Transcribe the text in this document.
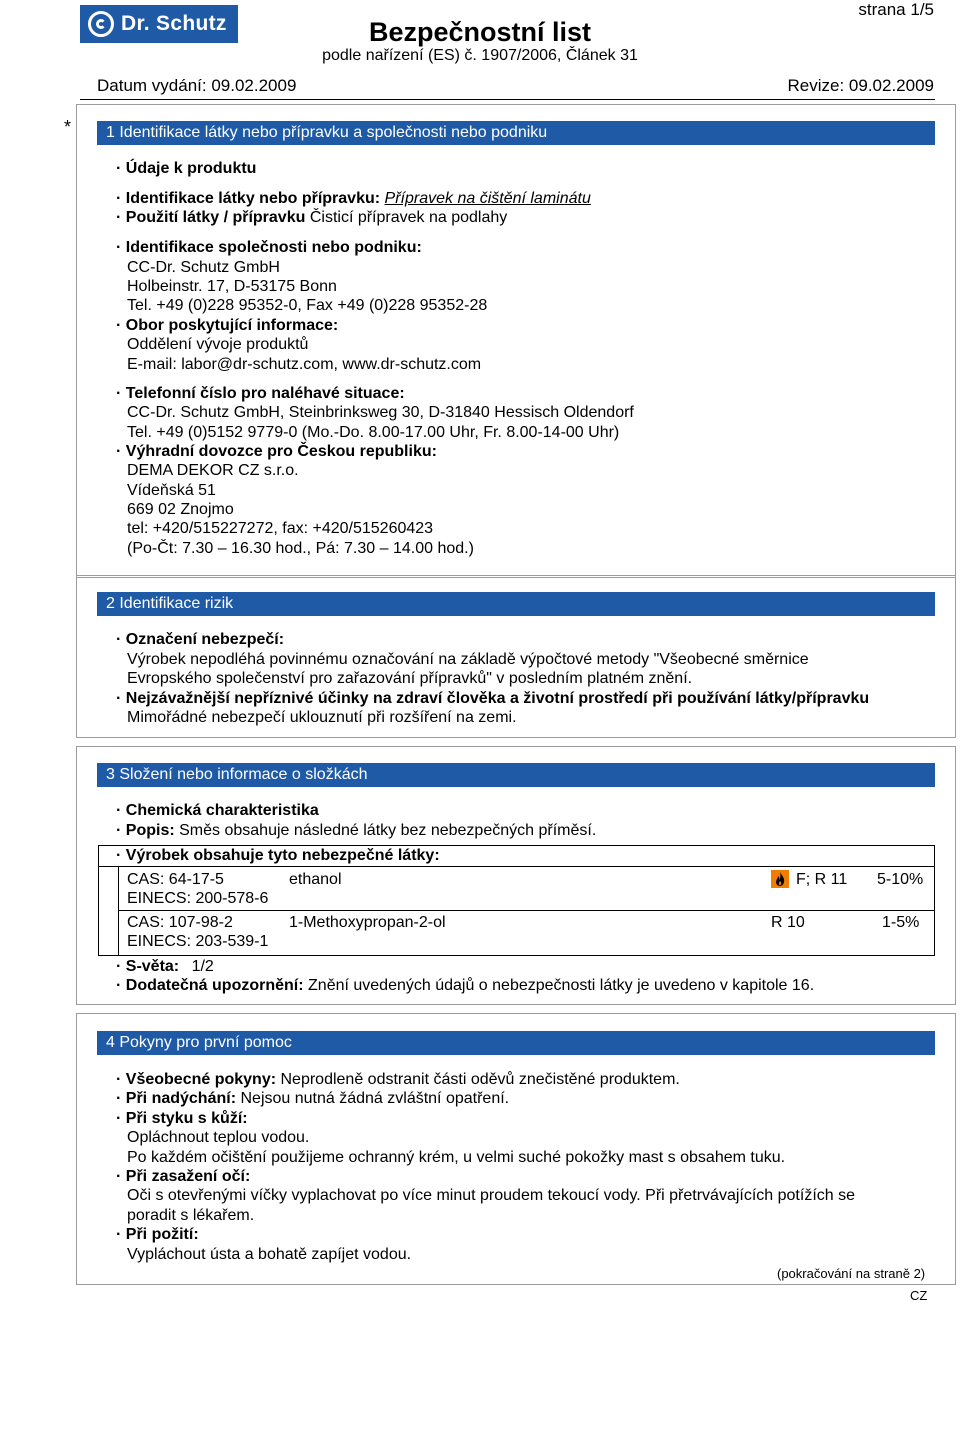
Dr. Schutz	Bezpečnostní list
podle nařízení (ES) č. 1907/2006, Článek 31
strana 1/5
Datum vydání: 09.02.2009	Revize: 09.02.2009
*	1 Identifikace látky nebo přípravku a společnosti nebo podniku
· Údaje k produktu
· Identifikace látky nebo přípravku: Přípravek na čištění laminátu
· Použití látky / přípravku Čisticí přípravek na podlahy
· Identifikace společnosti nebo podniku:
CC-Dr. Schutz GmbH
Holbeinstr. 17, D-53175 Bonn
Tel. +49 (0)228 95352-0, Fax +49 (0)228 95352-28
· Obor poskytující informace:
Oddělení vývoje produktů
E-mail: labor@dr-schutz.com, www.dr-schutz.com
· Telefonní číslo pro naléhavé situace:
CC-Dr. Schutz GmbH, Steinbrinksweg 30, D-31840 Hessisch Oldendorf
Tel. +49 (0)5152 9779-0 (Mo.-Do. 8.00-17.00 Uhr, Fr. 8.00-14-00 Uhr)
· Výhradní dovozce pro Českou republiku:
DEMA DEKOR CZ s.r.o.
Vídeňská 51
669 02 Znojmo
tel: +420/515227272, fax: +420/515260423
(Po-Čt: 7.30 – 16.30 hod., Pá: 7.30 – 14.00 hod.)
2 Identifikace rizik
· Označení nebezpečí:
Výrobek nepodléhá povinnému označování na základě výpočtové metody "Všeobecné směrnice
Evropského společenství pro zařazování přípravků" v posledním platném znění.
· Nejzávažnější nepříznivé účinky na zdraví člověka a životní prostředí při používání látky/přípravku
Mimořádné nebezpečí uklouznutí při rozšíření na zemi.
3 Složení nebo informace o složkách
· Chemická charakteristika
· Popis: Směs obsahuje následné látky bez nebezpečných příměsí.
· Výrobek obsahuje tyto nebezpečné látky:
CAS: 64-17-5
EINECS: 200-578-6
ethanol	F; R 11 5-10%
CAS: 107-98-2
EINECS: 203-539-1
1-Methoxypropan-2-ol	R 10	1-5%
· S-věta: 1/2
· Dodatečná upozornění: Znění uvedených údajů o nebezpečnosti látky je uvedeno v kapitole 16.
4 Pokyny pro první pomoc
· Všeobecné pokyny: Neprodleně odstranit části oděvů znečistěné produktem.
· Při nadýchání: Nejsou nutná žádná zvláštní opatření.
· Při styku s kůží:
Opláchnout teplou vodou.
Po každém očištění použijeme ochranný krém, u velmi suché pokožky mast s obsahem tuku.
· Při zasažení očí:
Oči s otevřenými víčky vyplachovat po více minut proudem tekoucí vody. Při přetrvávajících potížích se
poradit s lékařem.
· Při požití:
Vypláchout ústa a bohatě zapíjet vodou.
(pokračování na straně 2)
CZ
